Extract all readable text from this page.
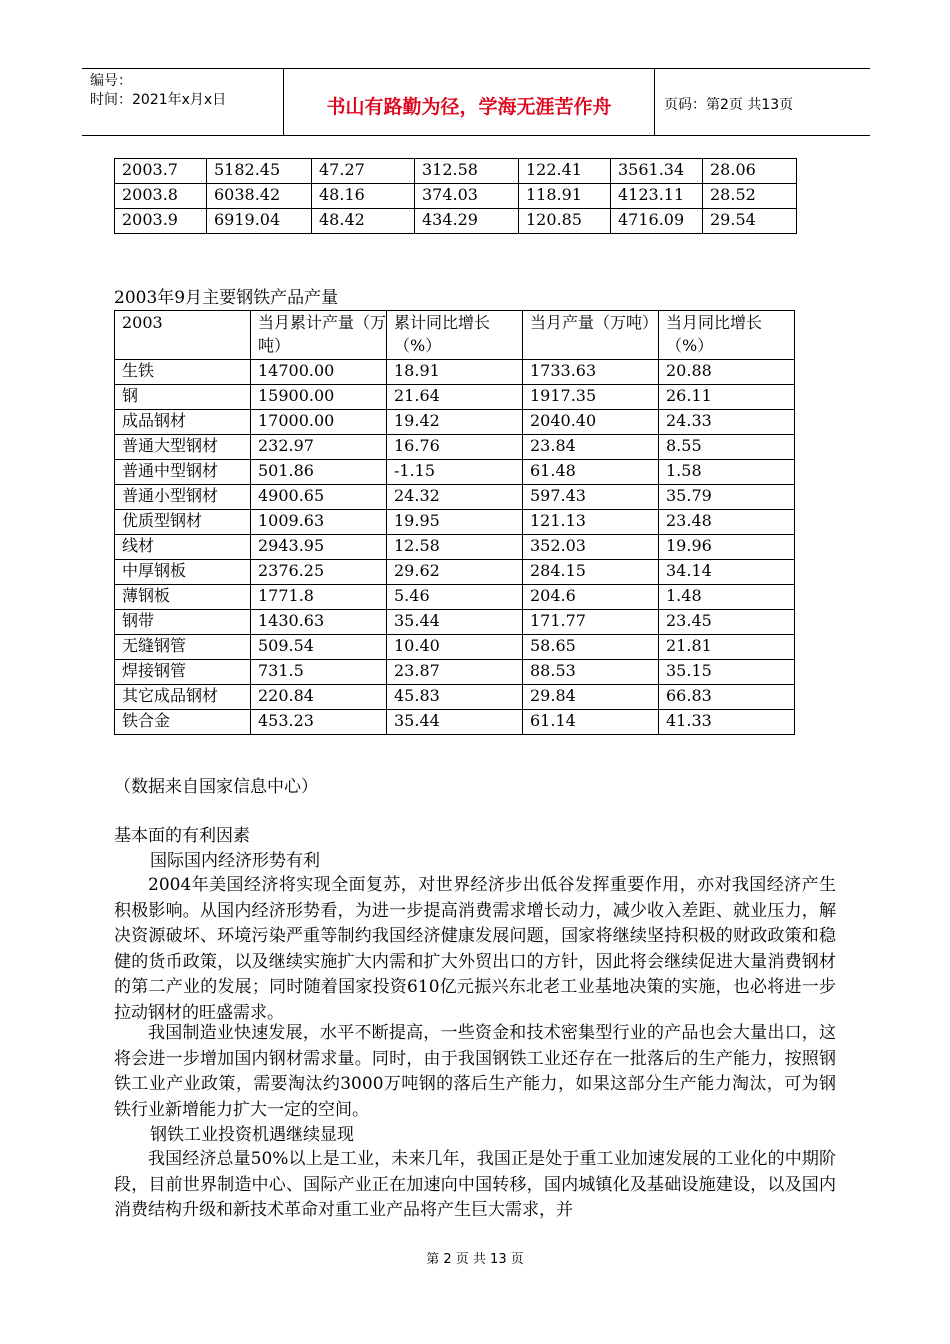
编号：
时间：2021年x月x日	书山有路勤为径，学海无涯苦作舟	页码：第2页 共13页
2003.7	5182.45	47.27	312.58	122.41	3561.34	28.06
2003.8	6038.42	48.16	374.03	118.91	4123.11	28.52
2003.9	6919.04	48.42	434.29	120.85	4716.09	29.54
2003年9月主要钢铁产品产量
2003	当月累计产量（万吨）	累计同比增长（%）	当月产量（万吨）	当月同比增长（%）
生铁	14700.00	18.91	1733.63	20.88
钢	15900.00	21.64	1917.35	26.11
成品钢材	17000.00	19.42	2040.40	24.33
普通大型钢材	232.97	16.76	23.84	8.55
普通中型钢材	501.86	-1.15	61.48	1.58
普通小型钢材	4900.65	24.32	597.43	35.79
优质型钢材	1009.63	19.95	121.13	23.48
线材	2943.95	12.58	352.03	19.96
中厚钢板	2376.25	29.62	284.15	34.14
薄钢板	1771.8	5.46	204.6	1.48
钢带	1430.63	35.44	171.77	23.45
无缝钢管	509.54	10.40	58.65	21.81
焊接钢管	731.5	23.87	88.53	35.15
其它成品钢材	220.84	45.83	29.84	66.83
铁合金	453.23	35.44	61.14	41.33
（数据来自国家信息中心）
基本面的有利因素
国际国内经济形势有利

2004年美国经济将实现全面复苏，对世界经济步出低谷发挥重要作用，亦对我国经济产生积极影响。从国内经济形势看，为进一步提高消费需求增长动力，减少收入差距、就业压力，解决资源破坏、环境污染严重等制约我国经济健康发展问题，国家将继续坚持积极的财政政策和稳健的货币政策，以及继续实施扩大内需和扩大外贸出口的方针，因此将会继续促进大量消费钢材的第二产业的发展；同时随着国家投资610亿元振兴东北老工业基地决策的实施，也必将进一步拉动钢材的旺盛需求。

我国制造业快速发展，水平不断提高，一些资金和技术密集型行业的产品也会大量出口，这将会进一步增加国内钢材需求量。同时，由于我国钢铁工业还存在一批落后的生产能力，按照钢铁工业产业政策，需要淘汰约3000万吨钢的落后生产能力，如果这部分生产能力淘汰，可为钢铁行业新增能力扩大一定的空间。

钢铁工业投资机遇继续显现

我国经济总量50%以上是工业，未来几年，我国正是处于重工业加速发展的工业化的中期阶段，目前世界制造中心、国际产业正在加速向中国转移，国内城镇化及基础设施建设，以及国内消费结构升级和新技术革命对重工业产品将产生巨大需求，并

第 2 页 共 13 页
